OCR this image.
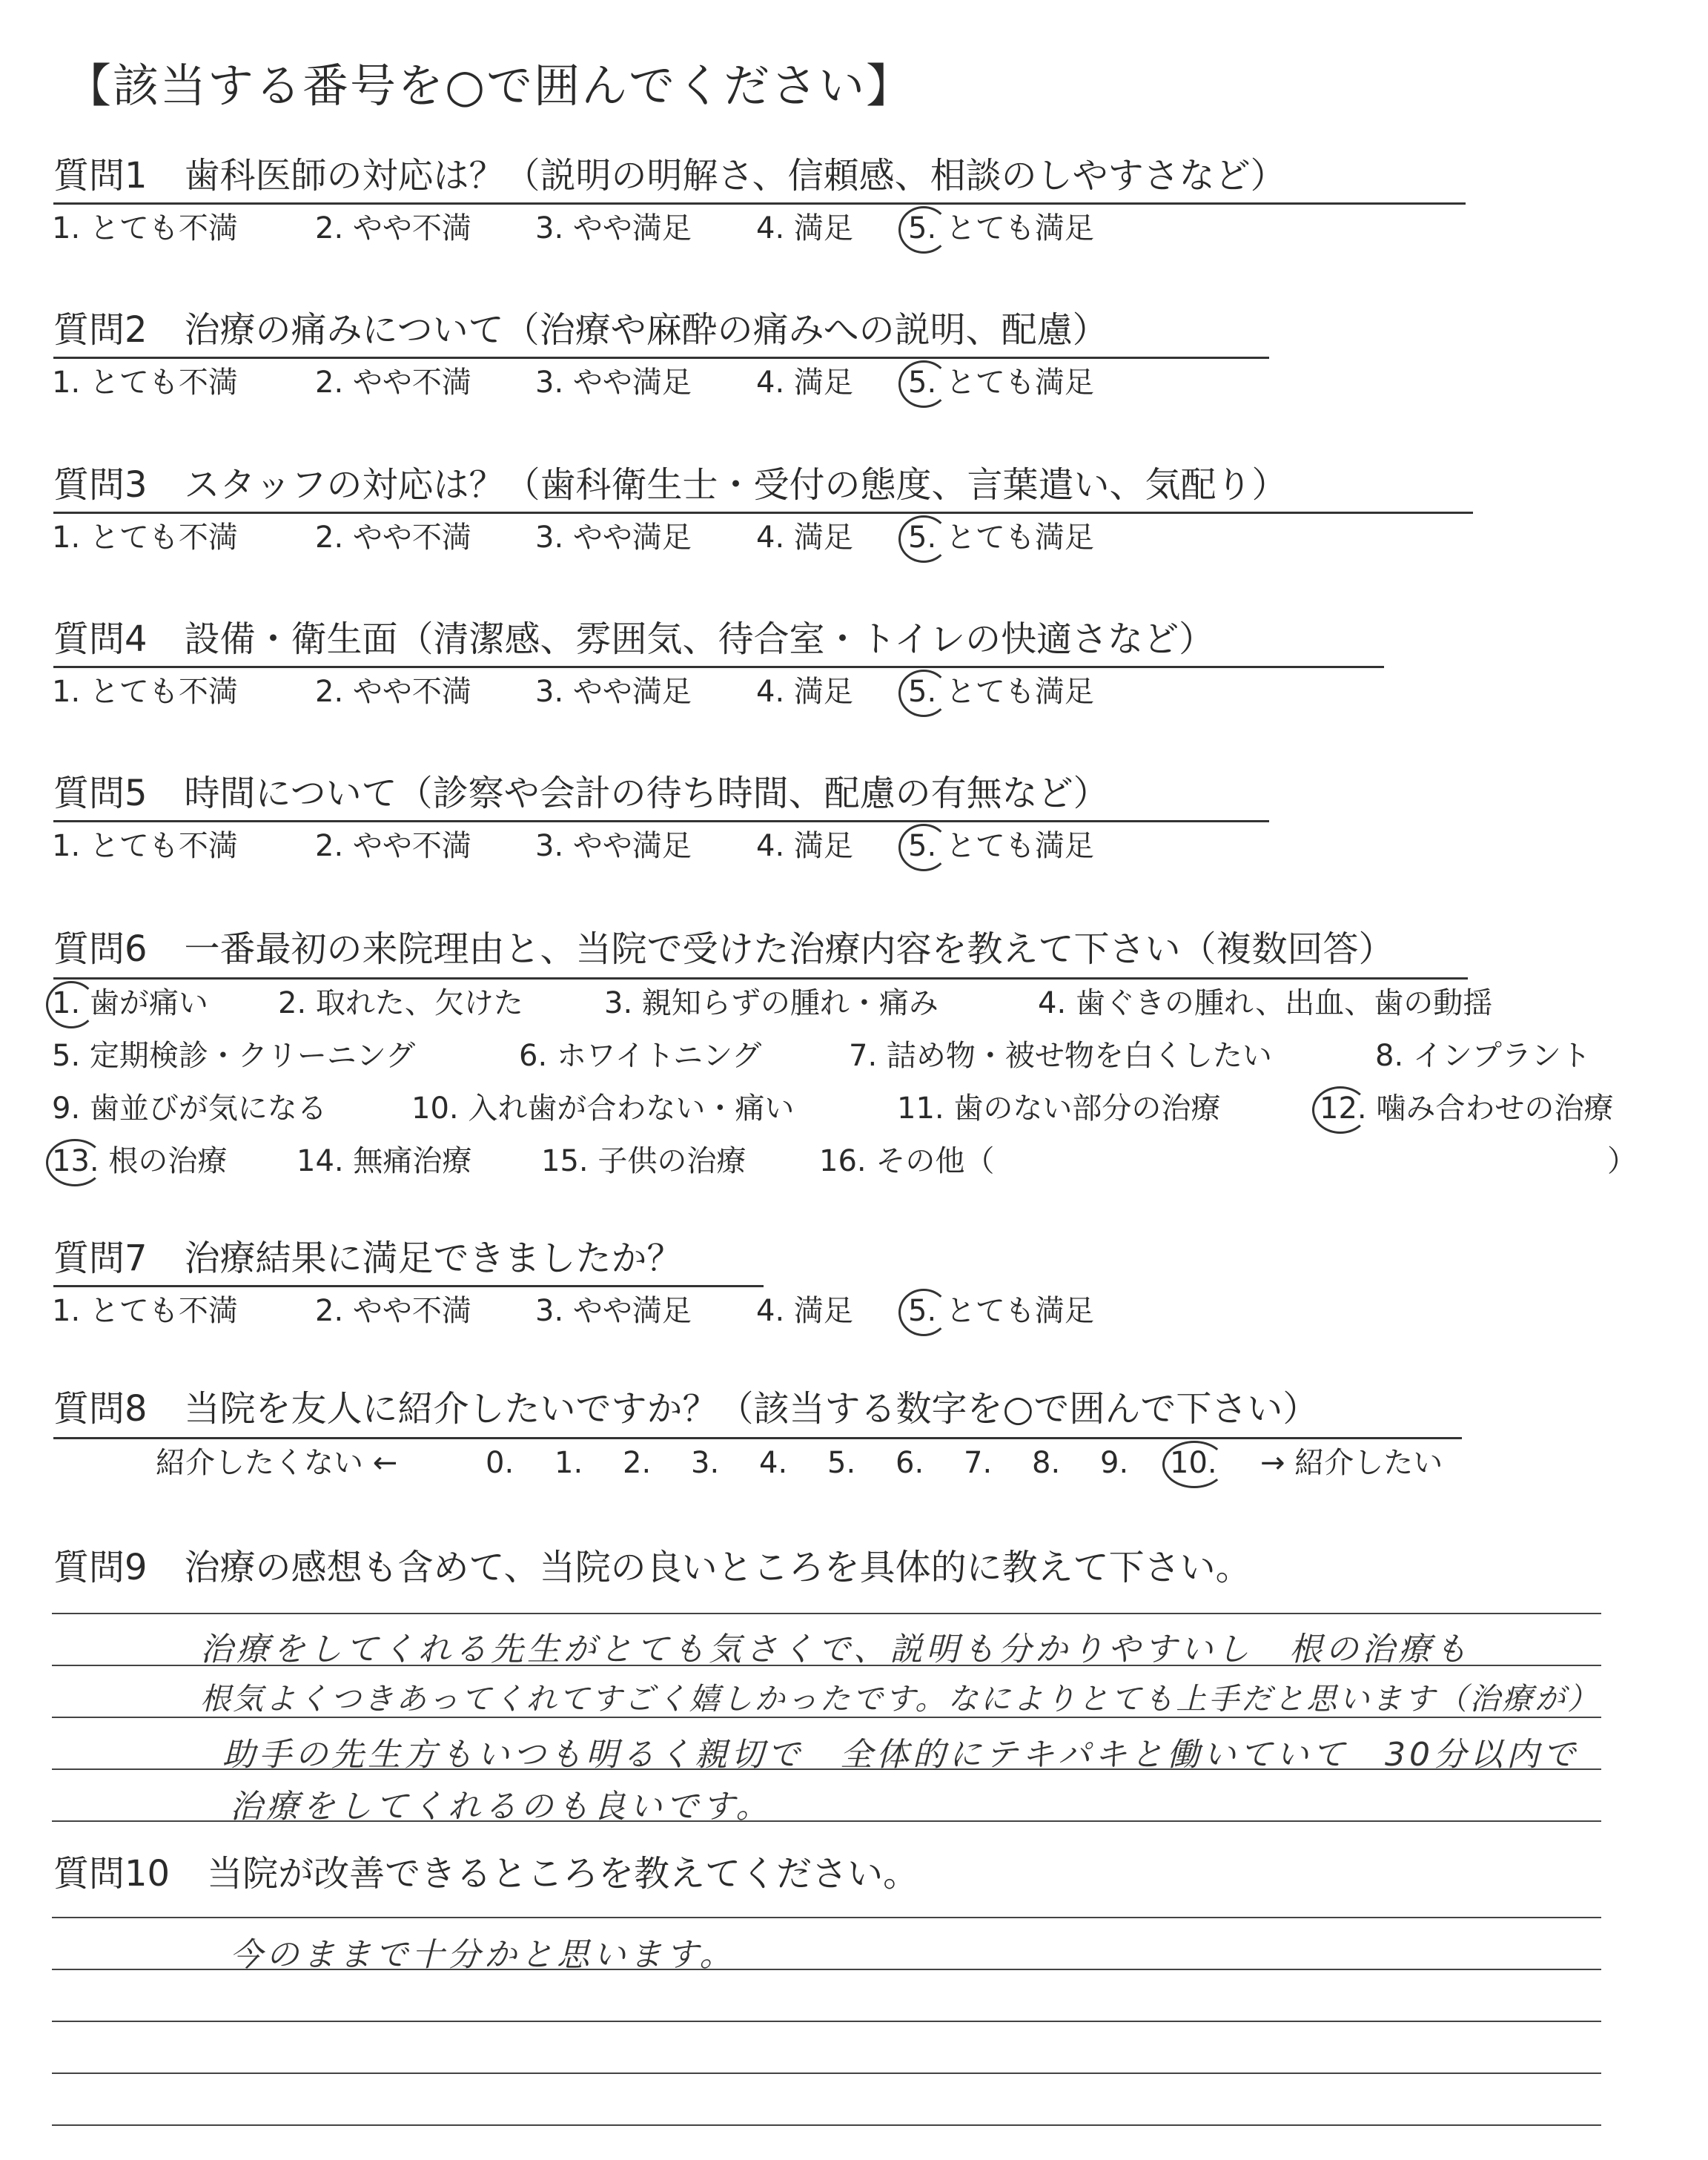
【該当する番号を○で囲んでください】
質問1 歯科医師の対応は？（説明の明解さ、信頼感、相談のしやすさなど）
1. とても不満	2. やや不満 3. やや満足 4. 満足 5. とても満足
質問2 治療の痛みについて（治療や麻酔の痛みへの説明、配慮）
1. とても不満	2. やや不満 3. やや満足 4. 満足 5. とても満足
質問3 スタッフの対応は？（歯科衛生士・受付の態度、言葉遣い、気配り）
1. とても不満	2. やや不満 3. やや満足 4. 満足 5. とても満足
質問4 設備・衛生面（清潔感、雰囲気、待合室・トイレの快適さなど）
1. とても不満	2. やや不満 3. やや満足 4. 満足 5. とても満足
質問5 時間について（診察や会計の待ち時間、配慮の有無など）
1. とても不満	2. やや不満 3. やや満足 4. 満足 5. とても満足
質問6 一番最初の来院理由と、当院で受けた治療内容を教えて下さい（複数回答）
1. 歯が痛い 2. 取れた、欠けた	3. 親知らずの腫れ・痛み	4. 歯ぐきの腫れ、出血、歯の動揺
5. 定期検診・クリーニング	6. ホワイトニング	7. 詰め物・被せ物を白くしたい	8. インプラント
9. 歯並びが気になる	10. 入れ歯が合わない・痛い	11. 歯のない部分の治療	12. 噛み合わせの治療
13. 根の治療 14. 無痛治療 15. 子供の治療 16. その他（	）
質問7 治療結果に満足できましたか？
1. とても不満	2. やや不満 3. やや満足 4. 満足 5. とても満足
質問8 当院を友人に紹介したいですか？（該当する数字を○で囲んで下さい）
紹介したくない ←	0. 1. 2. 3. 4. 5. 6. 7. 8. 9. 10. → 紹介したい
質問9 治療の感想も含めて、当院の良いところを具体的に教えて下さい。
治療をしてくれる先生がとても気さくで、説明も分かりやすいし　根の治療も
根気よくつきあってくれてすごく嬉しかったです。なによりとても上手だと思います（治療が）
助手の先生方もいつも明るく親切で　全体的にテキパキと働いていて　30分以内で
治療をしてくれるのも良いです。
質問10 当院が改善できるところを教えてください。
今のままで十分かと思います。
